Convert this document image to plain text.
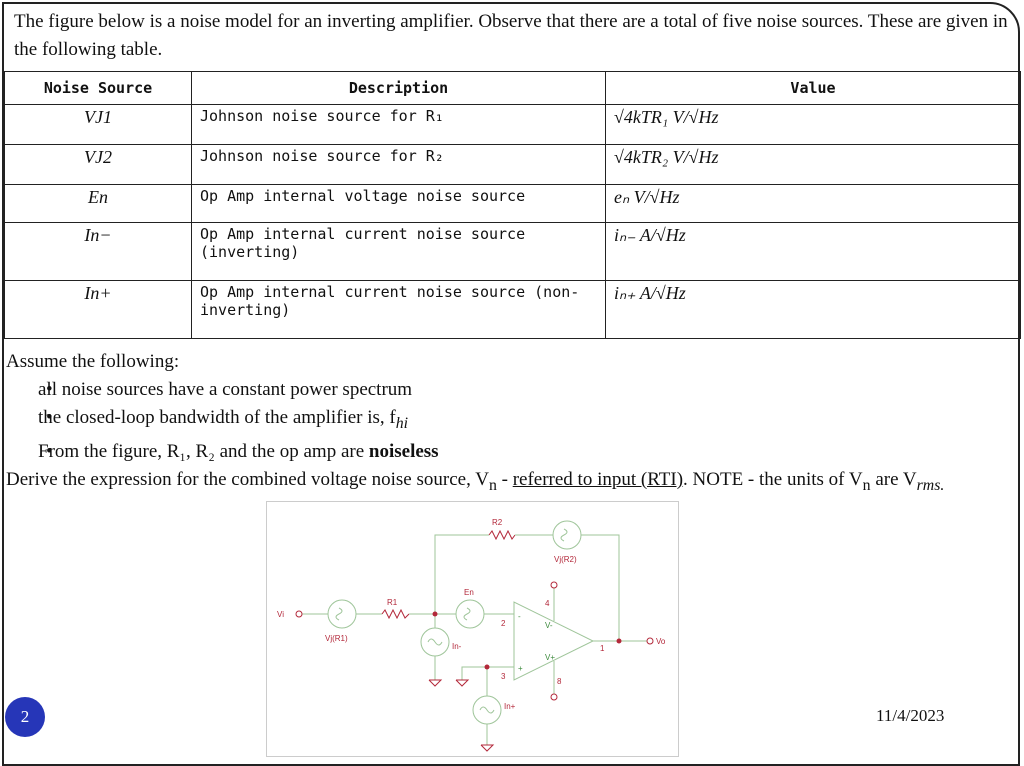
The figure below is a noise model for an inverting amplifier. Observe that there are a total of five noise sources. These are given in the following table.
Noise Source	Description	Value
VJ1	Johnson noise source for R₁	√4kTR₁ V/√Hz
VJ2	Johnson noise source for R₂	√4kTR₂ V/√Hz
En	Op Amp internal voltage noise source	eₙ V/√Hz
In−	Op Amp internal current noise source (inverting)	iₙ₋ A/√Hz
In+	Op Amp internal current noise source (non-inverting)	iₙ₊ A/√Hz
Assume the following:
• all noise sources have a constant power spectrum
• the closed-loop bandwidth of the amplifier is, $f_{hi}$
• From the figure, R₁, R₂ and the op amp are noiseless
Derive the expression for the combined voltage noise source, $V_n$ - referred to input (RTI). NOTE - the units of $V_n$ are $V_{rms.}$
Vi
Vo
R1
R2
Vj(R1)
Vj(R2)
En
In-
In+
2
3
4
8
1
V-
V+
-
+
2	11/4/2023
